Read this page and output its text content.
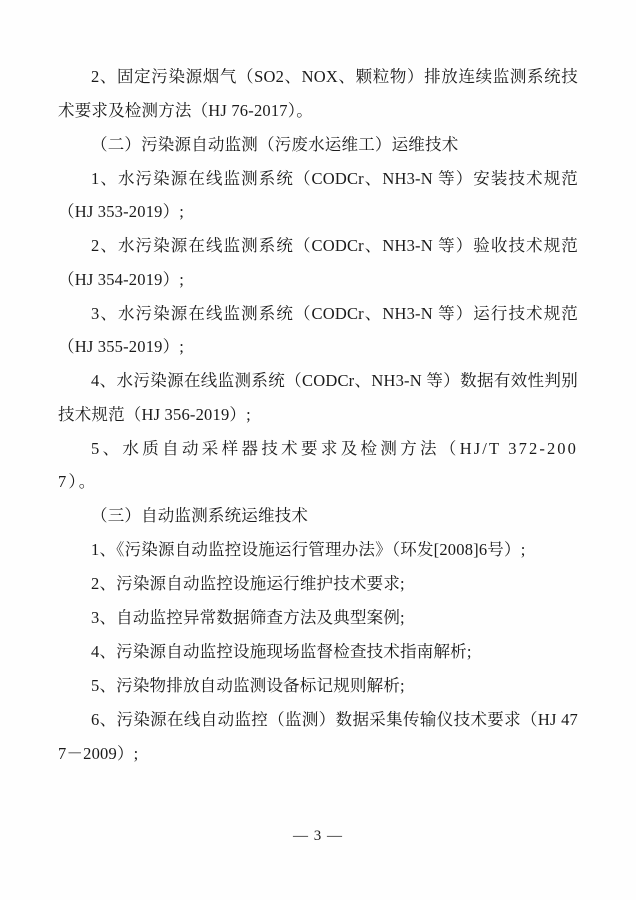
2、固定污染源烟气（SO2、NOX、颗粒物）排放连续监测系统技术要求及检测方法（HJ 76-2017）。

（二）污染源自动监测（污废水运维工）运维技术

1、水污染源在线监测系统（CODCr、NH3-N 等）安装技术规范（HJ 353-2019）;

2、水污染源在线监测系统（CODCr、NH3-N 等）验收技术规范（HJ 354-2019）;

3、水污染源在线监测系统（CODCr、NH3-N 等）运行技术规范（HJ 355-2019）;

4、水污染源在线监测系统（CODCr、NH3-N 等）数据有效性判别技术规范（HJ 356-2019）;

5、水质自动采样器技术要求及检测方法（HJ/T 372-2007）。

（三）自动监测系统运维技术

1、《污染源自动监控设施运行管理办法》（环发[2008]6号）;

2、污染源自动监控设施运行维护技术要求;

3、自动监控异常数据筛查方法及典型案例;

4、污染源自动监控设施现场监督检查技术指南解析;

5、污染物排放自动监测设备标记规则解析;

6、污染源在线自动监控（监测）数据采集传输仪技术要求（HJ 477－2009）;

— 3 —
